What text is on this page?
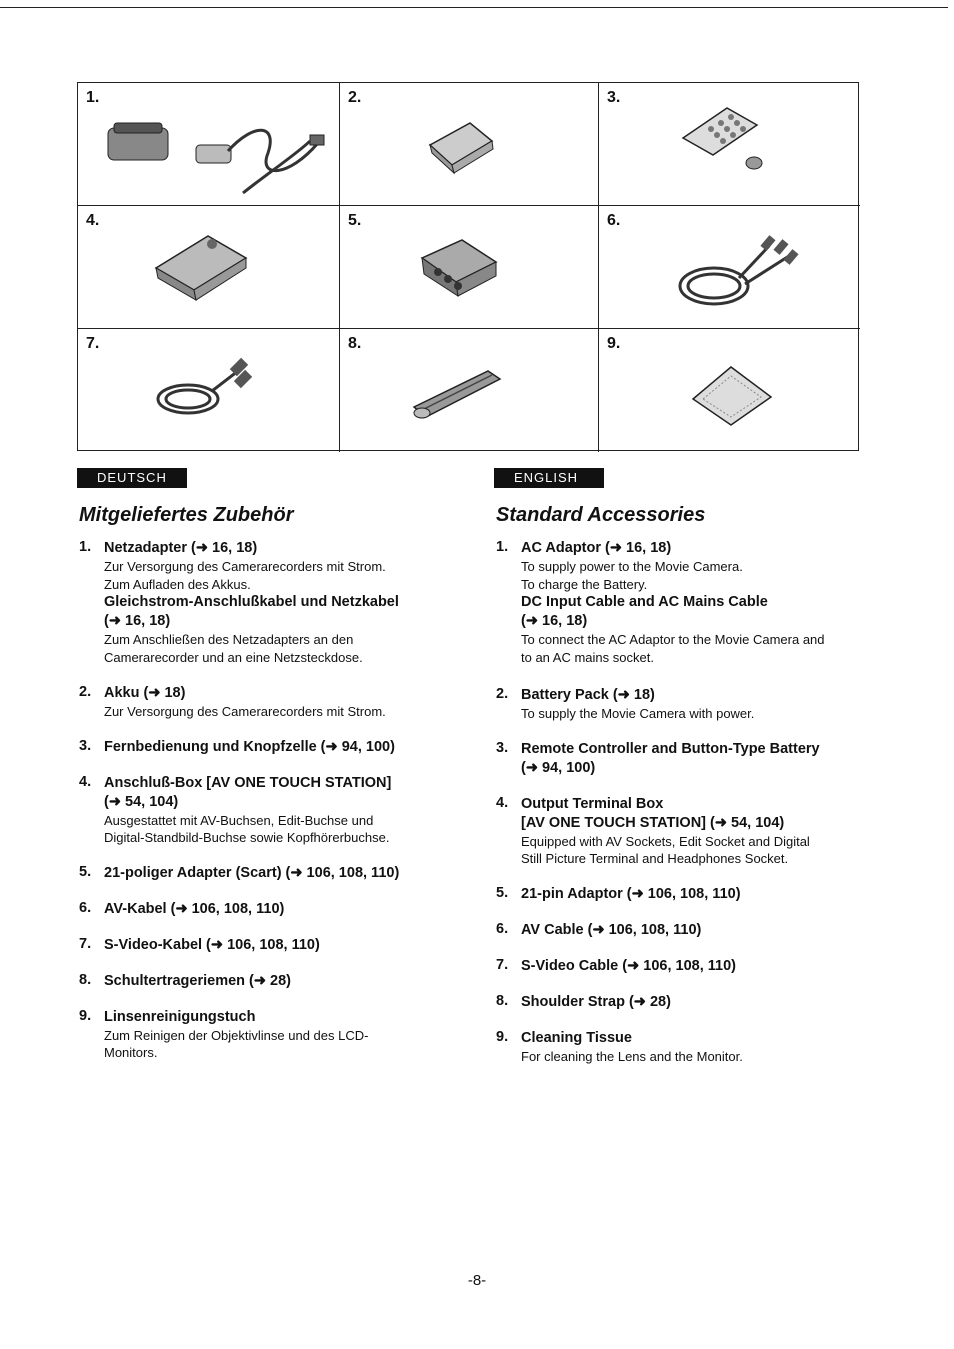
1.	2.	3.
4.	5.	6.
7.	8.	9.
DEUTSCH
Mitgeliefertes Zubehör
1. Netzadapter (➜ 16, 18)
Zur Versorgung des Camerarecorders mit Strom.
Zum Aufladen des Akkus.
Gleichstrom-Anschlußkabel und Netzkabel
(➜ 16, 18)
Zum Anschließen des Netzadapters an den
Camerarecorder und an eine Netzsteckdose.
2. Akku (➜ 18)
Zur Versorgung des Camerarecorders mit Strom.
3. Fernbedienung und Knopfzelle (➜ 94, 100)
4. Anschluß-Box [AV ONE TOUCH STATION]
(➜ 54, 104)
Ausgestattet mit AV-Buchsen, Edit-Buchse und
Digital-Standbild-Buchse sowie Kopfhörerbuchse.
5. 21-poliger Adapter (Scart) (➜ 106, 108, 110)
6. AV-Kabel (➜ 106, 108, 110)
7. S-Video-Kabel (➜ 106, 108, 110)
8. Schultertrageriemen (➜ 28)
9. Linsenreinigungstuch
Zum Reinigen der Objektivlinse und des LCD-
Monitors.
ENGLISH
Standard Accessories
1. AC Adaptor (➜ 16, 18)
To supply power to the Movie Camera.
To charge the Battery.
DC Input Cable and AC Mains Cable
(➜ 16, 18)
To connect the AC Adaptor to the Movie Camera and
to an AC mains socket.
2. Battery Pack (➜ 18)
To supply the Movie Camera with power.
3. Remote Controller and Button-Type Battery
(➜ 94, 100)
4. Output Terminal Box
[AV ONE TOUCH STATION] (➜ 54, 104)
Equipped with AV Sockets, Edit Socket and Digital
Still Picture Terminal and Headphones Socket.
5. 21-pin Adaptor (➜ 106, 108, 110)
6. AV Cable (➜ 106, 108, 110)
7. S-Video Cable (➜ 106, 108, 110)
8. Shoulder Strap (➜ 28)
9. Cleaning Tissue
For cleaning the Lens and the Monitor.
-8-
